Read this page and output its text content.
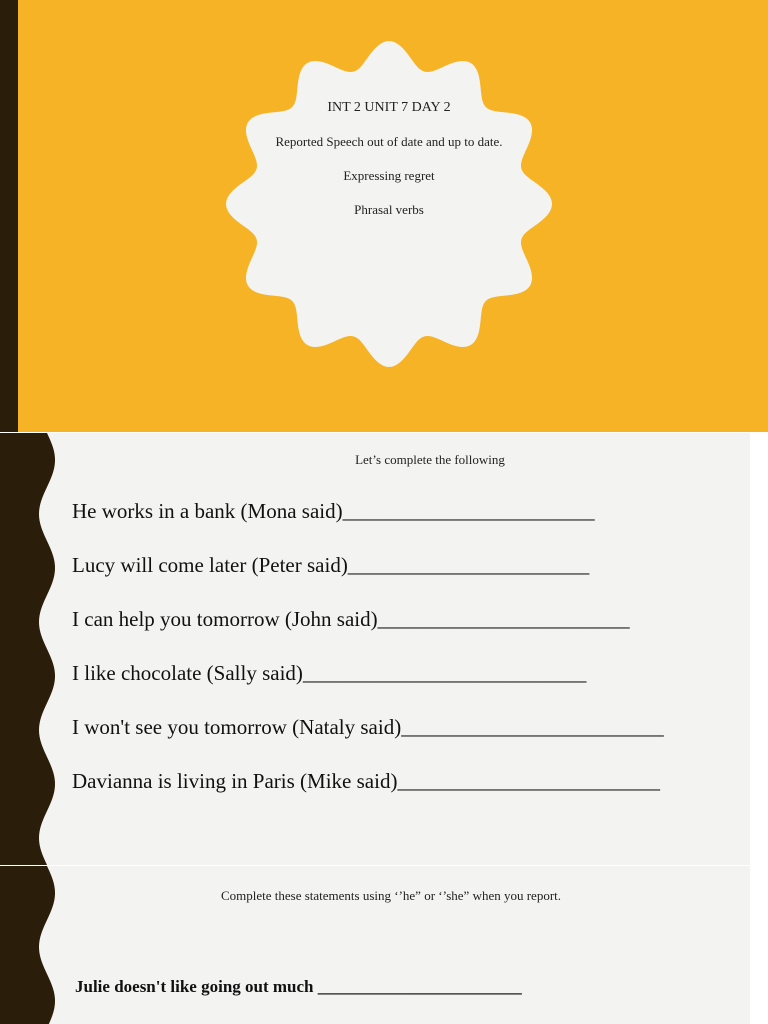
INT 2 UNIT 7 DAY 2

Reported Speech out of date and up to date.

Expressing regret

Phrasal verbs

Let’s complete the following
He works in a bank (Mona said)________________________
Lucy will come later (Peter said)_______________________
I can help you tomorrow (John said)________________________
I like chocolate (Sally said)___________________________
I won't see you tomorrow (Nataly said)_________________________
Davianna is living in Paris (Mike said)_________________________
Complete these statements using ‘’he” or ‘’she” when you report.
Julie doesn't like going out much ________________________
